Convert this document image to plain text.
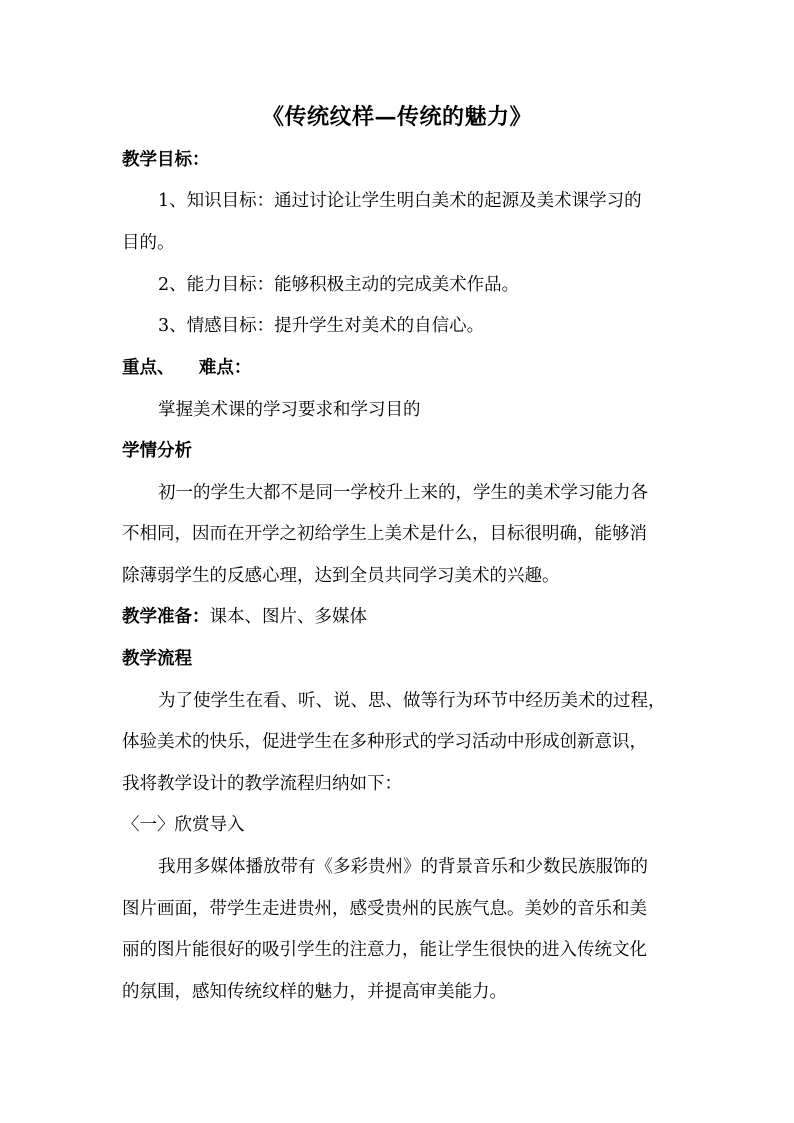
《传统纹样—传统的魅力》
教学目标：
1、知识目标：通过讨论让学生明白美术的起源及美术课学习的
目的。
2、能力目标：能够积极主动的完成美术作品。
3、情感目标：提升学生对美术的自信心。
重点、    难点：
掌握美术课的学习要求和学习目的
学情分析
初一的学生大都不是同一学校升上来的，学生的美术学习能力各
不相同，因而在开学之初给学生上美术是什么，目标很明确，能够消
除薄弱学生的反感心理，达到全员共同学习美术的兴趣。
教学准备：课本、图片、多媒体
教学流程
为了使学生在看、听、说、思、做等行为环节中经历美术的过程，
体验美术的快乐，促进学生在多种形式的学习活动中形成创新意识，
我将教学设计的教学流程归纳如下：
〈一〉欣赏导入
我用多媒体播放带有《多彩贵州》的背景音乐和少数民族服饰的
图片画面，带学生走进贵州，感受贵州的民族气息。美妙的音乐和美
丽的图片能很好的吸引学生的注意力，能让学生很快的进入传统文化
的氛围，感知传统纹样的魅力，并提高审美能力。
